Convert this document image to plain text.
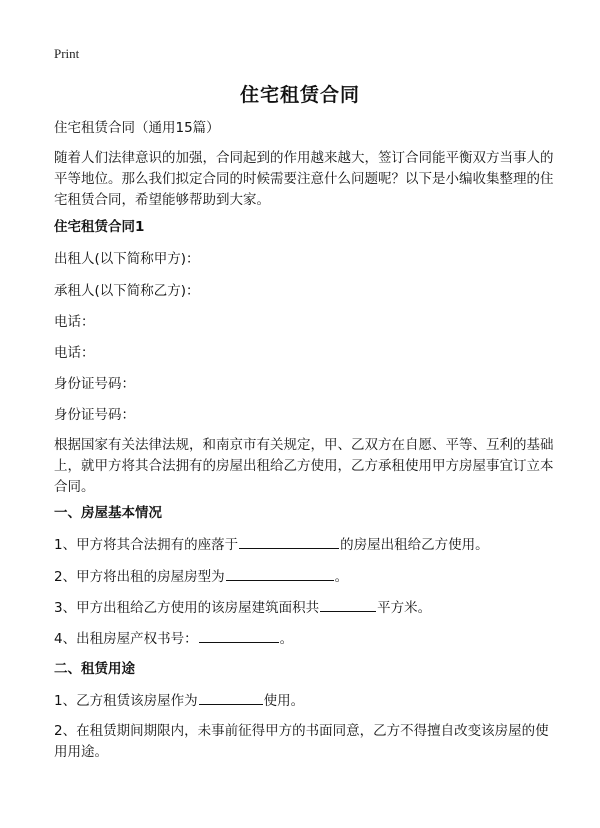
Print
住宅租赁合同
住宅租赁合同（通用15篇）
随着人们法律意识的加强，合同起到的作用越来越大，签订合同能平衡双方当事人的平等地位。那么我们拟定合同的时候需要注意什么问题呢？以下是小编收集整理的住宅租赁合同，希望能够帮助到大家。
住宅租赁合同1
出租人(以下简称甲方)：
承租人(以下简称乙方)：
电话：
电话：
身份证号码：
身份证号码：
根据国家有关法律法规，和南京市有关规定，甲、乙双方在自愿、平等、互利的基础上，就甲方将其合法拥有的房屋出租给乙方使用，乙方承租使用甲方房屋事宜订立本合同。
一、房屋基本情况
1、甲方将其合法拥有的座落于	的房屋出租给乙方使用。
2、甲方将出租的房屋房型为	。
3、甲方出租给乙方使用的该房屋建筑面积共	平方米。
4、出租房屋产权书号：	。
二、租赁用途
1、乙方租赁该房屋作为	使用。
2、在租赁期间期限内，未事前征得甲方的书面同意，乙方不得擅自改变该房屋的使用用途。
